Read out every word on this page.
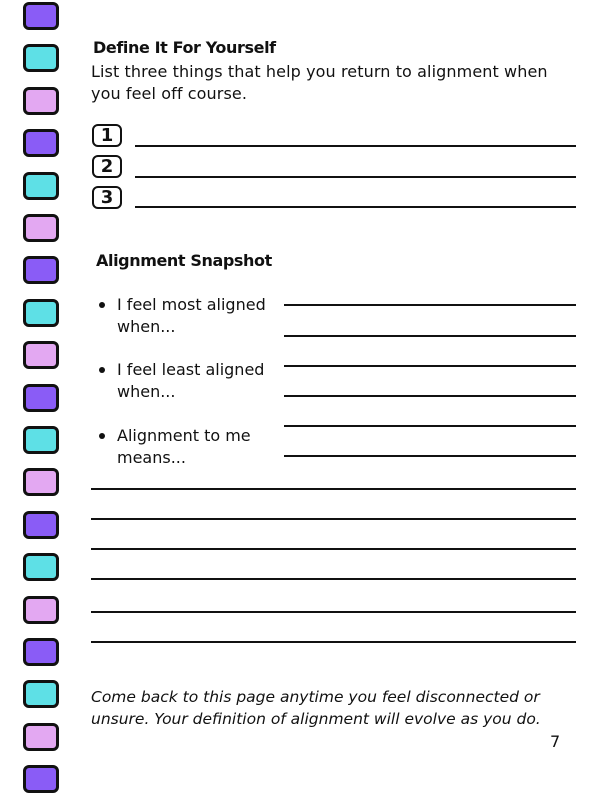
Define It For Yourself
List three things that help you return to alignment when you feel off course.
1
2
3
Alignment Snapshot
I feel most aligned
when...
I feel least aligned
when...
Alignment to me
means...
Come back to this page anytime you feel disconnected or unsure. Your definition of alignment will evolve as you do.
7
